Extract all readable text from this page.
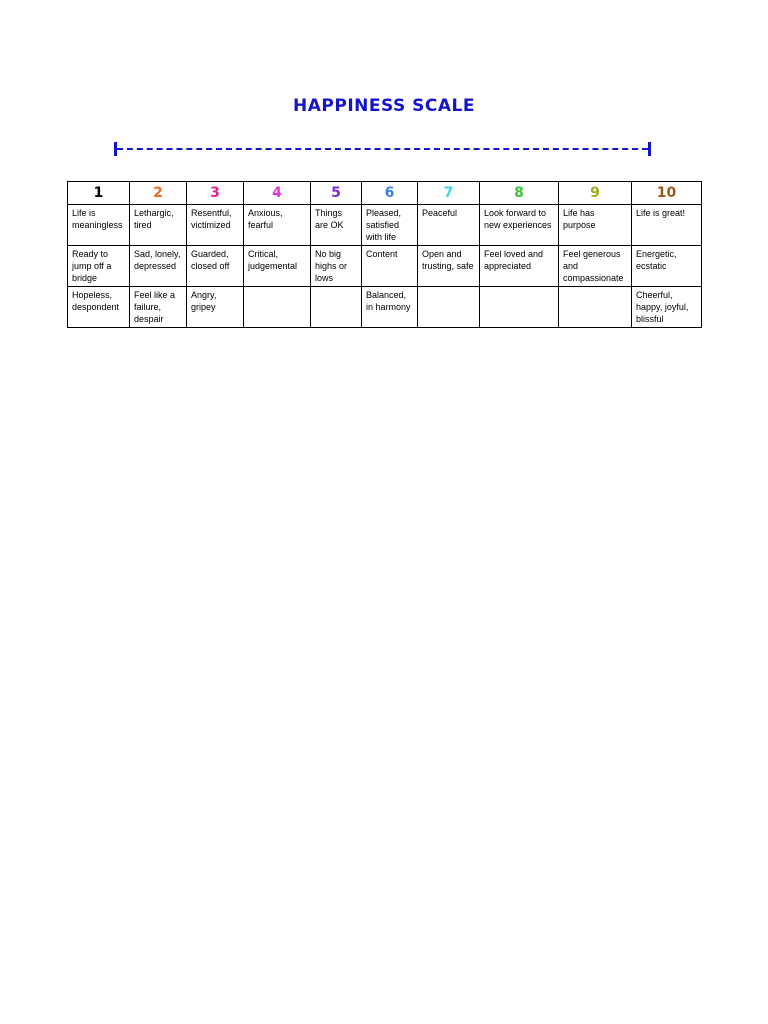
HAPPINESS SCALE
1	2	3	4	5	6	7	8	9	10
Life is meaningless	Lethargic, tired	Resentful, victimized	Anxious, fearful	Things are OK	Pleased, satisfied with life	Peaceful	Look forward to new experiences	Life has purpose	Life is great!
Ready to jump off a bridge	Sad, lonely, depressed	Guarded, closed off	Critical, judgemental	No big highs or lows	Content	Open and trusting, safe	Feel loved and appreciated	Feel generous and compassionate	Energetic, ecstatic
Hopeless, despondent	Feel like a failure, despair	Angry, gripey			Balanced, in harmony				Cheerful, happy, joyful, blissful
